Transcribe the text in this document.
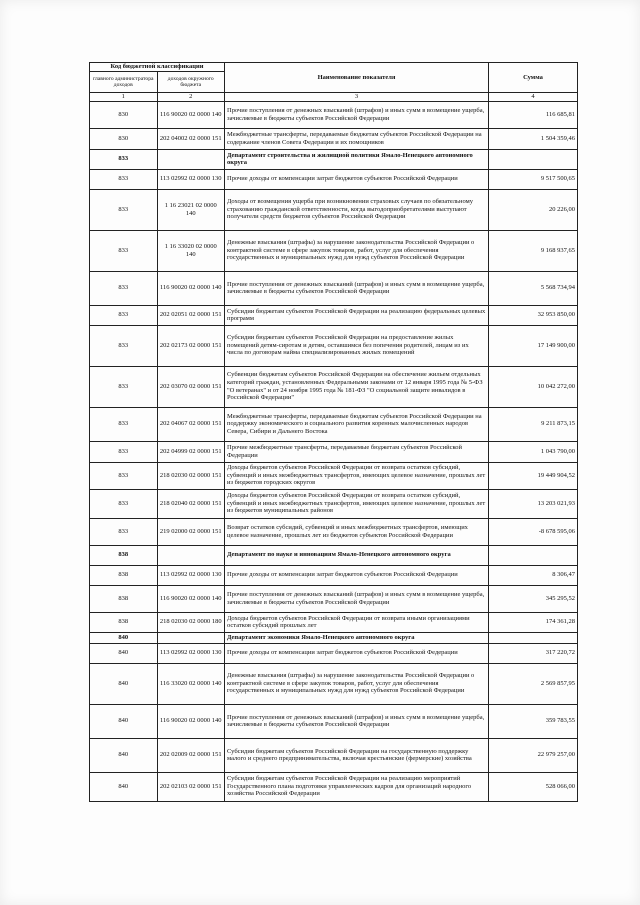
Код бюджетной классификации		Наименование показателя	Сумма
главного администратора доходов	доходов окружного бюджета		
1	2	3	4
830	116 90020 02 0000 140	Прочие поступления от денежных взысканий (штрафов) и иных сумм в возмещение ущерба, зачисляемые в бюджеты субъектов Российской Федерации	116 685,81
830	202 04002 02 0000 151	Межбюджетные трансферты, передаваемые бюджетам субъектов Российской Федерации на содержание членов Совета Федерации и их помощников	1 504 359,46
833		Департамент строительства и жилищной политики Ямало-Ненецкого автономного округа	
833	113 02992 02 0000 130	Прочие доходы от компенсации затрат бюджетов субъектов Российской Федерации	9 517 500,65
833	1 16 23021 02 0000 140	Доходы от возмещения ущерба при возникновении страховых случаев по обязательному страхованию гражданской ответственности, когда выгодоприобретателями выступают получатели средств бюджетов субъектов Российской Федерации	20 226,00
833	1 16 33020 02 0000 140	Денежные взыскания (штрафы) за нарушение законодательства Российской Федерации о контрактной системе в сфере закупок товаров, работ, услуг для обеспечения государственных и муниципальных нужд для нужд субъектов Российской Федерации	9 168 937,65
833	116 90020 02 0000 140	Прочие поступления от денежных взысканий (штрафов) и иных сумм в возмещение ущерба, зачисляемые в бюджеты субъектов Российской Федерации	5 568 734,94
833	202 02051 02 0000 151	Субсидии бюджетам субъектов Российской Федерации на реализацию федеральных целевых программ	32 953 850,00
833	202 02173 02 0000 151	Субсидии бюджетам субъектов Российской Федерации на предоставление жилых помещений детям-сиротам и детям, оставшимся без попечения родителей, лицам из их числа по договорам найма специализированных жилых помещений	17 149 900,00
833	202 03070 02 0000 151	Субвенции бюджетам субъектов Российской Федерации на обеспечение жильем отдельных категорий граждан, установленных Федеральными законами от 12 января 1995 года № 5-ФЗ "О ветеранах" и от 24 ноября 1995 года № 181-ФЗ "О социальной защите инвалидов в Российской Федерации"	10 042 272,00
833	202 04067 02 0000 151	Межбюджетные трансферты, передаваемые бюджетам субъектов Российской Федерации на поддержку экономического и социального развития коренных малочисленных народов Севера, Сибири и Дальнего Востока	9 211 873,15
833	202 04999 02 0000 151	Прочие межбюджетные трансферты, передаваемые бюджетам субъектов Российской Федерации	1 043 790,00
833	218 02030 02 0000 151	Доходы бюджетов субъектов Российской Федерации от возврата остатков субсидий, субвенций и иных межбюджетных трансфертов, имеющих целевое назначение, прошлых лет из бюджетов городских округов	19 449 904,52
833	218 02040 02 0000 151	Доходы бюджетов субъектов Российской Федерации от возврата остатков субсидий, субвенций и иных межбюджетных трансфертов, имеющих целевое назначение, прошлых лет из бюджетов муниципальных районов	13 203 021,93
833	219 02000 02 0000 151	Возврат остатков субсидий, субвенций и иных межбюджетных трансфертов, имеющих целевое назначение, прошлых лет из бюджетов субъектов Российской Федерации	-8 678 595,06
838		Департамент по науке и инновациям Ямало-Ненецкого автономного округа	
838	113 02992 02 0000 130	Прочие доходы от компенсации затрат бюджетов субъектов Российской Федерации	8 306,47
838	116 90020 02 0000 140	Прочие поступления от денежных взысканий (штрафов) и иных сумм в возмещение ущерба, зачисляемые в бюджеты субъектов Российской Федерации	345 295,52
838	218 02030 02 0000 180	Доходы бюджетов субъектов Российской Федерации от возврата иными организациями остатков субсидий прошлых лет	174 361,28
840		Департамент экономики Ямало-Ненецкого автономного округа	
840	113 02992 02 0000 130	Прочие доходы от компенсации затрат бюджетов субъектов Российской Федерации	317 220,72
840	116 33020 02 0000 140	Денежные взыскания (штрафы) за нарушение законодательства Российской Федерации о контрактной системе в сфере закупок товаров, работ, услуг для обеспечения государственных и муниципальных нужд для нужд субъектов Российской Федерации	2 569 857,95
840	116 90020 02 0000 140	Прочие поступления от денежных взысканий (штрафов) и иных сумм в возмещение ущерба, зачисляемые в бюджеты субъектов Российской Федерации	359 783,55
840	202 02009 02 0000 151	Субсидии бюджетам субъектов Российской Федерации на государственную поддержку малого и среднего предпринимательства, включая крестьянские (фермерские) хозяйства	22 979 257,00
840	202 02103 02 0000 151	Субсидии бюджетам субъектов Российской Федерации на реализацию мероприятий Государственного плана подготовки управленческих кадров для организаций народного хозяйства Российской Федерации	528 066,00
